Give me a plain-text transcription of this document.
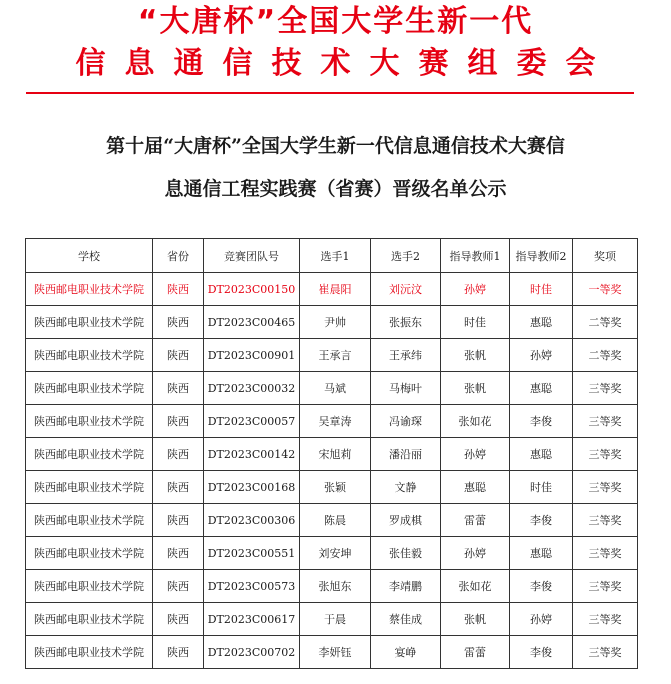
“大唐杯”全国大学生新一代
信息通信技术大赛组委会
第十届“大唐杯”全国大学生新一代信息通信技术大赛信
息通信工程实践赛（省赛）晋级名单公示
学校	省份	竞赛团队号	选手1	选手2	指导教师1	指导教师2	奖项
陕西邮电职业技术学院	陕西	DT2023C00150	崔晨阳	刘沅汶	孙婷	时佳	一等奖
陕西邮电职业技术学院	陕西	DT2023C00465	尹帅	张振东	时佳	惠聪	二等奖
陕西邮电职业技术学院	陕西	DT2023C00901	王承言	王承纬	张帆	孙婷	二等奖
陕西邮电职业技术学院	陕西	DT2023C00032	马斌	马梅叶	张帆	惠聪	三等奖
陕西邮电职业技术学院	陕西	DT2023C00057	吴章涛	冯谕琛	张如花	李俊	三等奖
陕西邮电职业技术学院	陕西	DT2023C00142	宋旭莉	潘沿丽	孙婷	惠聪	三等奖
陕西邮电职业技术学院	陕西	DT2023C00168	张颖	文静	惠聪	时佳	三等奖
陕西邮电职业技术学院	陕西	DT2023C00306	陈晨	罗成棋	雷蕾	李俊	三等奖
陕西邮电职业技术学院	陕西	DT2023C00551	刘安坤	张佳毅	孙婷	惠聪	三等奖
陕西邮电职业技术学院	陕西	DT2023C00573	张旭东	李靖鹏	张如花	李俊	三等奖
陕西邮电职业技术学院	陕西	DT2023C00617	于晨	蔡佳成	张帆	孙婷	三等奖
陕西邮电职业技术学院	陕西	DT2023C00702	李妍钰	宴峥	雷蕾	李俊	三等奖
